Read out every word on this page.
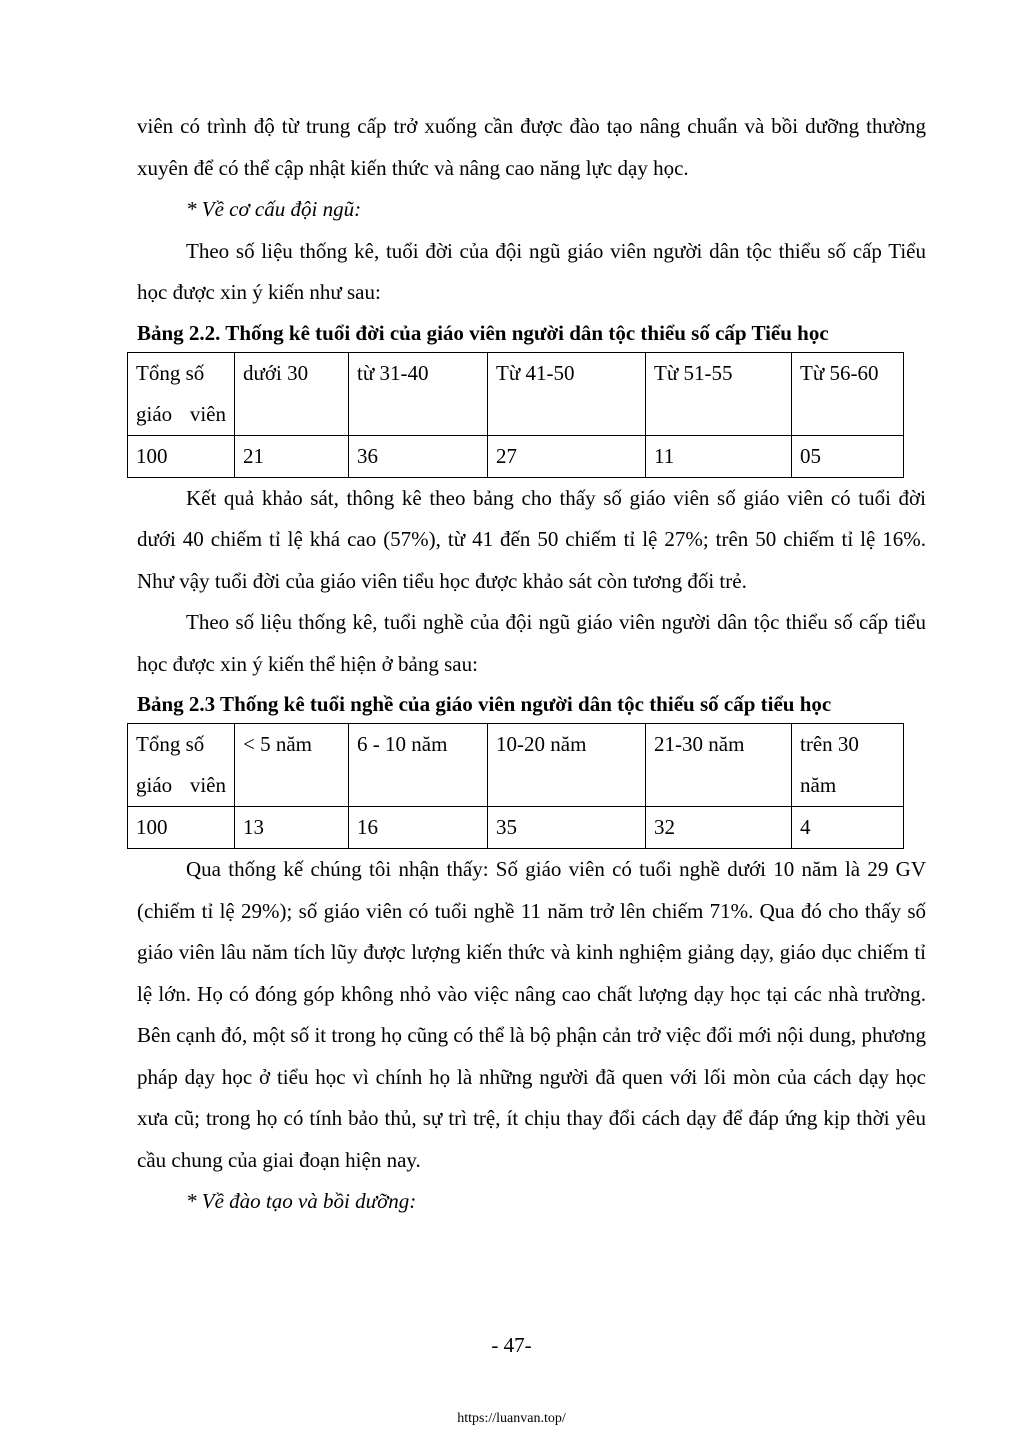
viên có trình độ từ trung cấp trở xuống cần được đào tạo nâng chuẩn và bồi dưỡng thường xuyên để có thể cập nhật kiến thức và nâng cao năng lực dạy học.

* Về cơ cấu đội ngũ:

Theo số liệu thống kê, tuổi đời của đội ngũ giáo viên người dân tộc thiểu số cấp Tiểu học được xin ý kiến như sau:

Bảng 2.2. Thống kê tuổi đời của giáo viên người dân tộc thiểu số cấp Tiểu học

Tổng số giáo viên	dưới 30	từ 31-40	Từ 41-50	Từ 51-55	Từ 56-60
100	21	36	27	11	05

Kết quả khảo sát, thông kê theo bảng cho thấy số giáo viên số giáo viên có tuổi đời dưới 40 chiếm tỉ lệ khá cao (57%), từ 41 đến 50 chiếm tỉ lệ 27%; trên 50 chiếm tỉ lệ 16%. Như vậy tuổi đời của giáo viên tiểu học được khảo sát còn tương đối trẻ.

Theo số liệu thống kê, tuổi nghề của đội ngũ giáo viên người dân tộc thiểu số cấp tiểu học được xin ý kiến thể hiện ở bảng sau:

Bảng 2.3 Thống kê tuổi nghề của giáo viên người dân tộc thiểu số cấp tiểu học

Tổng số giáo viên	< 5 năm	6 - 10 năm	10-20 năm	21-30 năm	trên 30 năm
100	13	16	35	32	4

Qua thống kế chúng tôi nhận thấy: Số giáo viên có tuổi nghề dưới 10 năm là 29 GV (chiếm tỉ lệ 29%); số giáo viên có tuổi nghề 11 năm trở lên chiếm 71%. Qua đó cho thấy số giáo viên lâu năm tích lũy được lượng kiến thức và kinh nghiệm giảng dạy, giáo dục chiếm tỉ lệ lớn. Họ có đóng góp không nhỏ vào việc nâng cao chất lượng dạy học tại các nhà trường. Bên cạnh đó, một số it trong họ cũng có thể là bộ phận cản trở việc đổi mới nội dung, phương pháp dạy học ở tiểu học vì chính họ là những người đã quen với lối mòn của cách dạy học xưa cũ; trong họ có tính bảo thủ, sự trì trệ, ít chịu thay đổi cách dạy để đáp ứng kịp thời yêu cầu chung của giai đoạn hiện nay.

* Về đào tạo và bồi dưỡng:

- 47-
https://luanvan.top/
